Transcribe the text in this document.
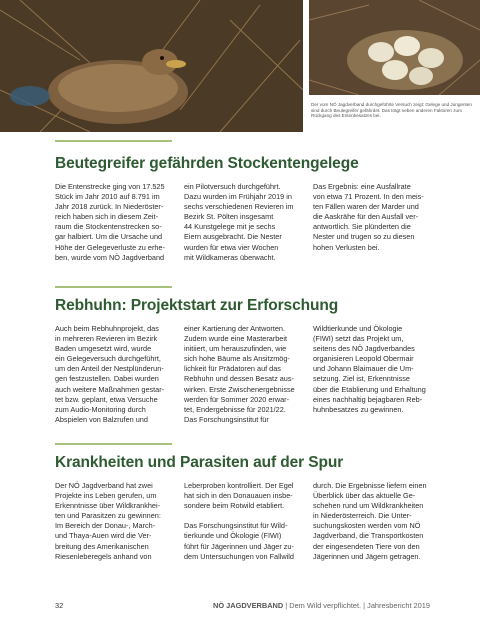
Der vom NÖ Jagdverband durchgeführte Versuch zeigt: Gelege und Jungenten sind durch Beutegreifer gefährdet. Das trägt neben anderen Faktoren zum Rückgang des Entenbesatzes bei.
Beutegreifer gefährden Stockentengelege

Die Entenstrecke ging von 17.525
Stück im Jahr 2010 auf 8.791 im
Jahr 2018 zurück. In Niederöster-
reich haben sich in diesem Zeit-
raum die Stockentenstrecken so-
gar halbiert. Um die Ursache und
Höhe der Gelegeverluste zu erhe-
ben, wurde vom NÖ Jagdverband

ein Pilotversuch durchgeführt.
Dazu wurden im Frühjahr 2019 in
sechs verschiedenen Revieren im
Bezirk St. Pölten insgesamt
44 Kunstgelege mit je sechs
Eiern ausgebracht. Die Nester
wurden für etwa vier Wochen
mit Wildkameras überwacht.

Das Ergebnis: eine Ausfallrate
von etwa 71 Prozent. In den meis-
ten Fällen waren der Marder und
die Aaskrähe für den Ausfall ver-
antwortlich. Sie plünderten die
Nester und trugen so zu diesen
hohen Verlusten bei.

Rebhuhn: Projektstart zur Erforschung

Auch beim Rebhuhnprojekt, das
in mehreren Revieren im Bezirk
Baden umgesetzt wird, wurde
ein Gelegeversuch durchgeführt,
um den Anteil der Nestplünderun-
gen festzustellen. Dabei wurden
auch weitere Maßnahmen gestar-
tet bzw. geplant, etwa Versuche
zum Audio-Monitoring durch
Abspielen von Balzrufen und

einer Kartierung der Antworten.
Zudem wurde eine Masterarbeit
initiiert, um herauszufinden, wie
sich hohe Bäume als Ansitzmög-
lichkeit für Prädatoren auf das
Rebhuhn und dessen Besatz aus-
wirken. Erste Zwischenergebnisse
werden für Sommer 2020 erwar-
tet, Endergebnisse für 2021/22.
Das Forschungsinstitut für

Wildtierkunde und Ökologie
(FIWI) setzt das Projekt um,
seitens des NÖ Jagdverbandes
organisieren Leopold Obermair
und Johann Blaimauer die Um-
setzung. Ziel ist, Erkenntnisse
über die Etablierung und Erhaltung
eines nachhaltig bejagbaren Reb-
huhnbesatzes zu gewinnen.

Krankheiten und Parasiten auf der Spur

Der NÖ Jagdverband hat zwei
Projekte ins Leben gerufen, um
Erkenntnisse über Wildkrankhei-
ten und Parasitzen zu gewinnen:
Im Bereich der Donau-, March-
und Thaya-Auen wird die Ver-
breitung des Amerikanischen
Riesenleberegels anhand von

Leberproben kontrolliert. Der Egel
hat sich in den Donauauen insbe-
sondere beim Rotwild etabliert.

Das Forschungsinstitut für Wild-
tierkunde und Ökologie (FIWI)
führt für Jägerinnen und Jäger zu-
dem Untersuchungen von Fallwild

durch. Die Ergebnisse liefern einen
Überblick über das aktuelle Ge-
schehen rund um Wildkrankheiten
in Niederösterreich. Die Unter-
suchungskosten werden vom NÖ
Jagdverband, die Transportkosten
der eingesendeten Tiere von den
Jägerinnen und Jägern getragen.

32	NÖ JAGDVERBAND | Dem Wild verpflichtet. | Jahresbericht 2019
